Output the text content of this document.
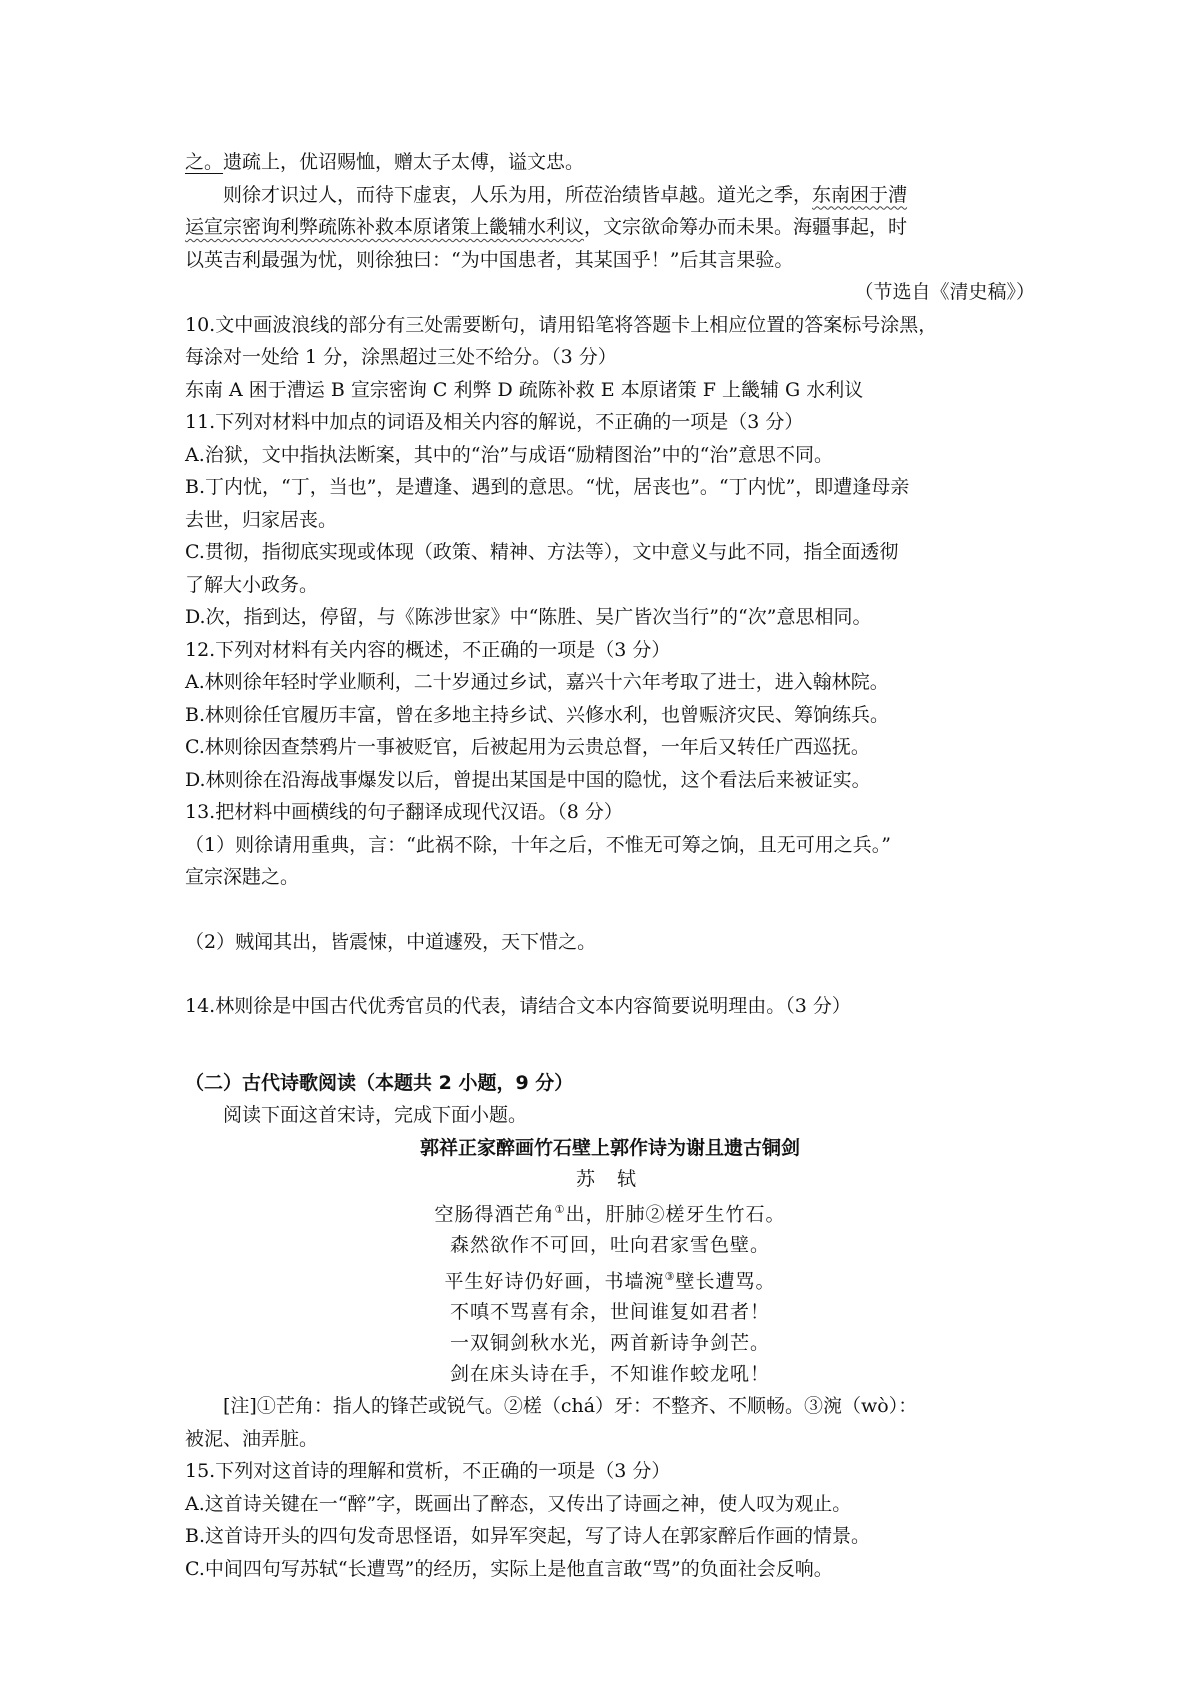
之。遗疏上，优诏赐恤，赠太子太傅，谥文忠。
则徐才识过人，而待下虚衷，人乐为用，所莅治绩皆卓越。道光之季，东南困于漕
运宣宗密询利弊疏陈补救本原诸策上畿辅水利议，文宗欲命筹办而未果。海疆事起，时
以英吉利最强为忧，则徐独曰：“为中国患者，其某国乎！”后其言果验。
（节选自《清史稿》）
10.文中画波浪线的部分有三处需要断句，请用铅笔将答题卡上相应位置的答案标号涂黑，
每涂对一处给 1 分，涂黑超过三处不给分。（3 分）
东南 A 困于漕运 B 宣宗密询 C 利弊 D 疏陈补救 E 本原诸策 F 上畿辅 G 水利议
11.下列对材料中加点的词语及相关内容的解说，不正确的一项是（3 分）
A.治狱，文中指执法断案，其中的“治”与成语“励精图治”中的“治”意思不同。
B.丁内忧，“丁，当也”，是遭逢、遇到的意思。“忧，居丧也”。“丁内忧”，即遭逢母亲
去世，归家居丧。
C.贯彻，指彻底实现或体现（政策、精神、方法等），文中意义与此不同，指全面透彻
了解大小政务。
D.次，指到达，停留，与《陈涉世家》中“陈胜、吴广皆次当行”的“次”意思相同。
12.下列对材料有关内容的概述，不正确的一项是（3 分）
A.林则徐年轻时学业顺利，二十岁通过乡试，嘉兴十六年考取了进士，进入翰林院。
B.林则徐任官履历丰富，曾在多地主持乡试、兴修水利，也曾赈济灾民、筹饷练兵。
C.林则徐因查禁鸦片一事被贬官，后被起用为云贵总督，一年后又转任广西巡抚。
D.林则徐在沿海战事爆发以后，曾提出某国是中国的隐忧，这个看法后来被证实。
13.把材料中画横线的句子翻译成现代汉语。（8 分）
（1）则徐请用重典，言：“此祸不除，十年之后，不惟无可筹之饷，且无可用之兵。”
宣宗深韪之。
（2）贼闻其出，皆震悚，中道遽殁，天下惜之。
14.林则徐是中国古代优秀官员的代表，请结合文本内容简要说明理由。（3 分）
（二）古代诗歌阅读（本题共 2 小题，9 分）
阅读下面这首宋诗，完成下面小题。
郭祥正家醉画竹石壁上郭作诗为谢且遗古铜剑
苏 轼
空肠得酒芒角①出，肝肺②槎牙生竹石。
森然欲作不可回，吐向君家雪色壁。
平生好诗仍好画，书墙涴③壁长遭骂。
不嗔不骂喜有余，世间谁复如君者！
一双铜剑秋水光，两首新诗争剑芒。
剑在床头诗在手，不知谁作蛟龙吼！
[注]①芒角：指人的锋芒或锐气。②槎（chá）牙：不整齐、不顺畅。③涴（wò）：
被泥、油弄脏。
15.下列对这首诗的理解和赏析，不正确的一项是（3 分）
A.这首诗关键在一“醉”字，既画出了醉态，又传出了诗画之神，使人叹为观止。
B.这首诗开头的四句发奇思怪语，如异军突起，写了诗人在郭家醉后作画的情景。
C.中间四句写苏轼“长遭骂”的经历，实际上是他直言敢“骂”的负面社会反响。
